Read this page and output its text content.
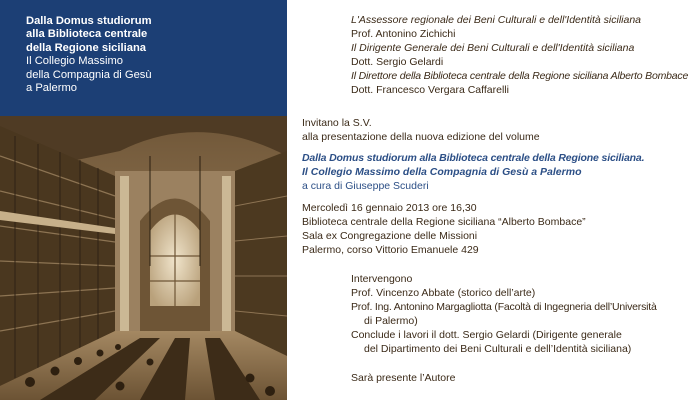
Dalla Domus studiorum
alla Biblioteca centrale
della Regione siciliana
Il Collegio Massimo
della Compagnia di Gesù
a Palermo
L'Assessore regionale dei Beni Culturali e dell'Identità siciliana
Prof. Antonino Zichichi
Il Dirigente Generale dei Beni Culturali e dell'Identità siciliana
Dott. Sergio Gelardi
Il Direttore della Biblioteca centrale della Regione siciliana Alberto Bombace
Dott. Francesco Vergara Caffarelli
Invitano la S.V.
alla presentazione della nuova edizione del volume
Dalla Domus studiorum alla Biblioteca centrale della Regione siciliana.
Il Collegio Massimo della Compagnia di Gesù a Palermo
a cura di Giuseppe Scuderi
Mercoledì 16 gennaio 2013 ore 16,30
Biblioteca centrale della Regione siciliana “Alberto Bombace”
Sala ex Congregazione delle Missioni
Palermo, corso Vittorio Emanuele 429
Intervengono
Prof. Vincenzo Abbate (storico dell’arte)
Prof. Ing. Antonino Margagliotta (Facoltà di Ingegneria dell’Università
di Palermo)
Conclude i lavori il dott. Sergio Gelardi (Dirigente generale
del Dipartimento dei Beni Culturali e dell’Identità siciliana)
Sarà presente l’Autore
